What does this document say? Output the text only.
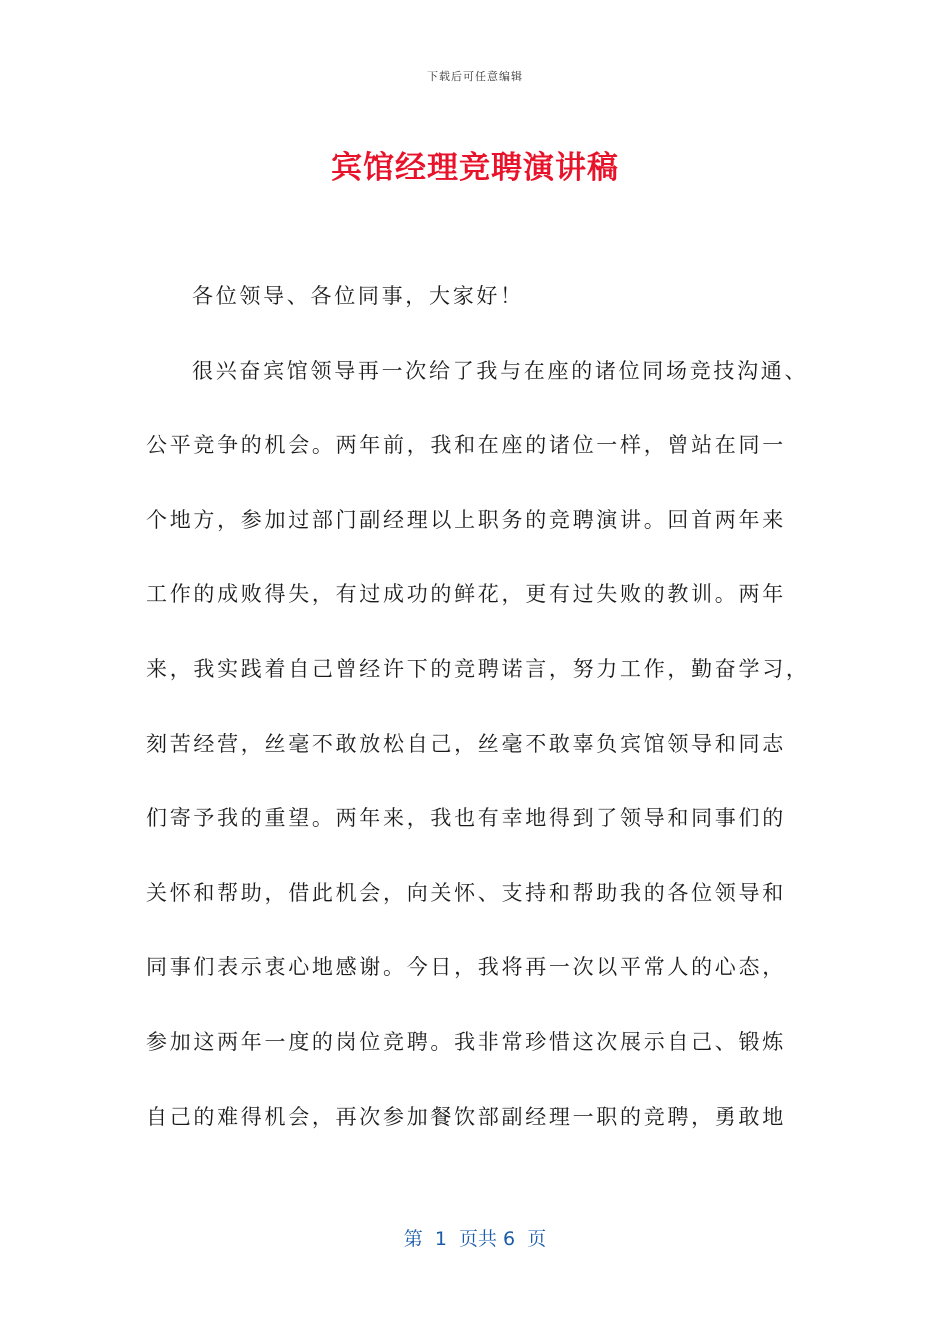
下载后可任意编辑
宾馆经理竞聘演讲稿
各位领导、各位同事，大家好！
很兴奋宾馆领导再一次给了我与在座的诸位同场竞技沟通、
公平竞争的机会。两年前，我和在座的诸位一样，曾站在同一
个地方，参加过部门副经理以上职务的竞聘演讲。回首两年来
工作的成败得失，有过成功的鲜花，更有过失败的教训。两年
来，我实践着自己曾经许下的竞聘诺言，努力工作，勤奋学习，
刻苦经营，丝毫不敢放松自己，丝毫不敢辜负宾馆领导和同志
们寄予我的重望。两年来，我也有幸地得到了领导和同事们的
关怀和帮助，借此机会，向关怀、支持和帮助我的各位领导和
同事们表示衷心地感谢。今日，我将再一次以平常人的心态，
参加这两年一度的岗位竞聘。我非常珍惜这次展示自己、锻炼
自己的难得机会，再次参加餐饮部副经理一职的竞聘，勇敢地
第  1  页共 6  页
